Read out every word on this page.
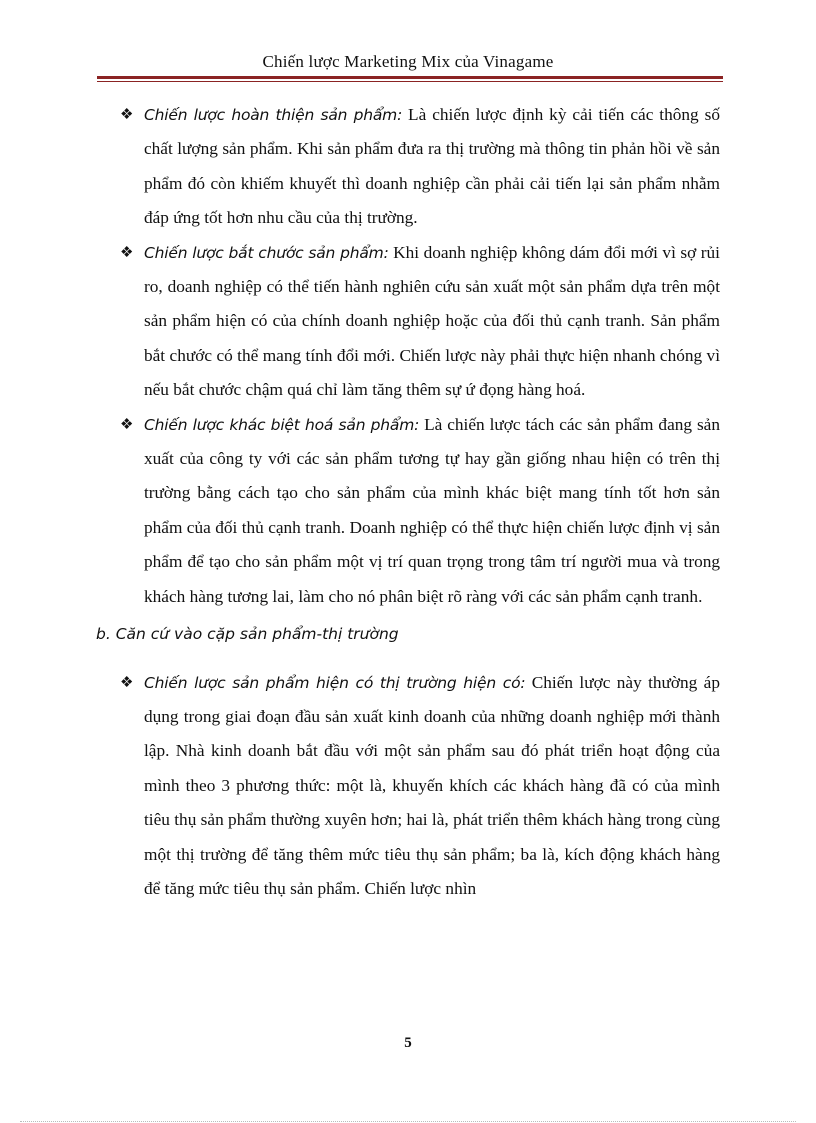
Chiến lược Marketing Mix của Vinagame
❖ Chiến lược hoàn thiện sản phẩm: Là chiến lược định kỳ cải tiến các thông số chất lượng sản phẩm. Khi sản phẩm đưa ra thị trường mà thông tin phản hồi về sản phẩm đó còn khiếm khuyết thì doanh nghiệp cần phải cải tiến lại sản phẩm nhằm đáp ứng tốt hơn nhu cầu của thị trường.
❖ Chiến lược bắt chước sản phẩm: Khi doanh nghiệp không dám đổi mới vì sợ rủi ro, doanh nghiệp có thể tiến hành nghiên cứu sản xuất một sản phẩm dựa trên một sản phẩm hiện có của chính doanh nghiệp hoặc của đối thủ cạnh tranh. Sản phẩm bắt chước có thể mang tính đổi mới. Chiến lược này phải thực hiện nhanh chóng vì nếu bắt chước chậm quá chỉ làm tăng thêm sự ứ đọng hàng hoá.
❖ Chiến lược khác biệt hoá sản phẩm: Là chiến lược tách các sản phẩm đang sản xuất của công ty với các sản phẩm tương tự hay gần giống nhau hiện có trên thị trường bằng cách tạo cho sản phẩm của mình khác biệt mang tính tốt hơn sản phẩm của đối thủ cạnh tranh. Doanh nghiệp có thể thực hiện chiến lược định vị sản phẩm để tạo cho sản phẩm một vị trí quan trọng trong tâm trí người mua và trong khách hàng tương lai, làm cho nó phân biệt rõ ràng với các sản phẩm cạnh tranh.
b. Căn cứ vào cặp sản phẩm-thị trường
❖ Chiến lược sản phẩm hiện có thị trường hiện có: Chiến lược này thường áp dụng trong giai đoạn đầu sản xuất kinh doanh của những doanh nghiệp mới thành lập. Nhà kinh doanh bắt đầu với một sản phẩm sau đó phát triển hoạt động của mình theo 3 phương thức: một là, khuyến khích các khách hàng đã có của mình tiêu thụ sản phẩm thường xuyên hơn; hai là, phát triển thêm khách hàng trong cùng một thị trường để tăng thêm mức tiêu thụ sản phẩm; ba là, kích động khách hàng để tăng mức tiêu thụ sản phẩm. Chiến lược nhìn
5
